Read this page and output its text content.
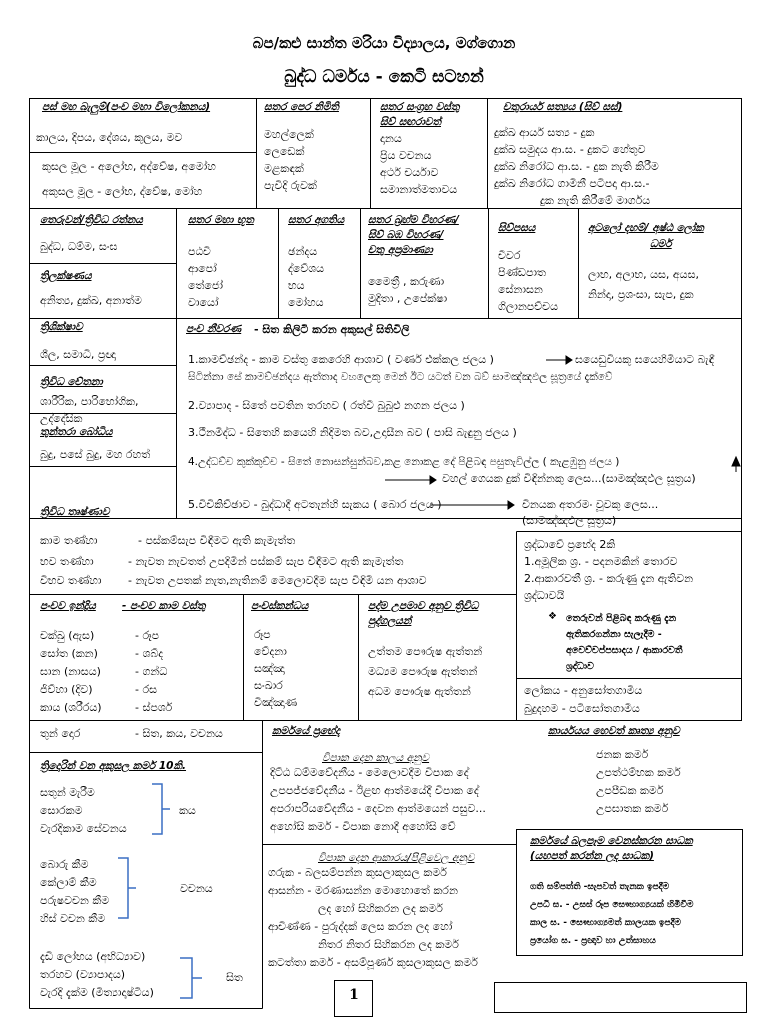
බප/කළු සාන්ත මරියා විද්‍යාලය, මග්ගොන
බුද්ධ ධර්මය - කෙටි සටහන්
පස් මහ බැලුම්(පංච මහා විලෝකනය)
කාලය, දිපය, දේශය, කුලය, මව
කුසල මූල - අලෝභ, අද්වේෂ, අමෝහ
අකුසල මූල - ලෝභ, ද්වේෂ, මෝහ
සතර පෙර නිමිති
මහල්ලෙක්
ලෙඩෙක්
මළකඳක්
පැවිදි රුවක්
සතර සංග්‍රහ වස්තු
සිව් සඟරාවත්
දානය
ප්‍රිය වචනය
අර්ථ චර්යාව
සමානාත්මතාවය
චතුරාර්ය සත්‍යය (සිව් සස්)
දුක්ඛ ආර්ය සත්‍ය - දුක
දුක්ඛ සමුදය ආ.ස. - දුකට හේතුව
දුක්ඛ නිරෝධ ආ.ස. - දුක නැති කිරීම
දුක්ඛ නිරෝධ ගාමිනී පටිපදා ආ.ස.-
දුක නැති කිරීමේ මාර්ගය
තෙරුවන්/ත්‍රිවිධ රත්නය
බුද්ධ, ධම්ම, සංඝ
ත්‍රිලක්ෂණය
අනිත්‍ය, දුක්ඛ, අනාත්ම
සතර මහා භූත
පඨවි
ආපෝ
තේජෝ
වායෝ
සතර අගතිය
ඡන්දය
ද්වේශය
භය
මෝහය
සතර බ්‍රහ්ම විහරණ/
සිව් බඹ විහරණ/
චතු අප්‍රමාණ්‍යා
මෛත්‍රී , කරුණා
මුදිතා , උපේක්ෂා
සිව්පසය
චීවර
පිණ්ඩපාත
සේනාසන
ගිලානපච්චය
අටලෝ දහම්/ අෂ්ඨ ලෝක
ධර්ම
ලාභ, අලාභ, යස, අයස,
නින්දා, ප්‍රශංසා, සැප, දුක
ත්‍රිශික්ෂාව
ශීල, සමාධි, ප්‍රඥා
ත්‍රිවිධ චේතනා
ශාරීරික, පාරිභෝගික,
උද්දේසික
තුන්තරා බෝධිය
බුදු, පසේ බුදු, මහ රහත්
ත්‍රිවිධ තෘෂ්ණාව
පංච නීවරණ - සිත කිලිටි කරන අකුසල් සිතිවිලි
1.කාමච්ඡන්ද - කාම වස්තු කෙරෙහි ආශාව ( වර්ණ එක්කල ජලය )	ඝයෙඩුවියකු ඝයෙහිමියාට බැඳී
සිටින්නා සේ කාමච්ඡන්දය ඇත්තාද වහලෙකු මෙන් ඊට යටත් වන බව් සාමඤ්ඤඵල සූත්‍රයේ දැක්වේ
2.ව්‍යාපාද - සිතේ පවතින තරහව ( රත්වී බුබුළු නගන ජලය )
3.ථීනමිද්ධ - සිතෙහි කයෙහි නිදිමත බව,උදාසීන බව ( පාසි බැඳුනු ජලය )
4.උද්ධච්ච කුක්කුච්ච - සිතේ නොසන්සුන්බව,කළ නොකළ දේ පිළිබඳ පසුතැවිල්ල ( කැළඹුනු ජලය )
වහල් ගෙයක දුක් විඳින්නකු ලෙස...(සාමඤ්ඤඵල සූත්‍රය)
5.විචිකිච්ඡාව - බුද්ධාදී අටතැන්හි සැකය ( බොර ජලය )	විනයක අතරමං වූවකු ලෙස...
(සාමඤ්ඤඵල සූත්‍රය)
කාම තණ්හා	- පස්කම්සැප විඳීමට ඇති කැමැත්ත
භව තණ්හා	- නැවත නැවතත් උපදිමින් පස්කම් සැප විඳීමට ඇති කැමැත්ත
විභව තණ්හා - නැවත උපතක් නැත,නැතිනම් මෙලොවදීම සැප විඳිමී යන ආශාව
ශ්‍රද්ධාවේ ප්‍රභේද 2කි
1.අමූලික ශ්‍ර. - පදනමකින් තොරව
2.ආකාරවතී ශ්‍ර. - කරුණු දැන ඇතිවන
ශ්‍රද්ධාවයි
❖ තෙරුවන් පිළිබඳ කරුණු දැන
ඇතිකරගන්නා සැලැදීම -
අවෙච්චප්පසාදය / ආකාරවතී
ශ්‍රද්ධාව
පංචව ඉන්ද්‍රිය - පංචව කාම වස්තු
චක්ඛු (ඇස)	- රූප
සෝත (කන)	- ශබ්ද
ඝාන (නාසය)	- ගන්ධ
ජිව්හා (දිව)	- රස
කාය (ශරීරය)	- ස්පර්ශ
පංචස්කන්ධය
රූප
වේදනා
සඤ්ඤා
සංඛාර
විඤ්ඤාණ
පද්ම උපමාව අනුව ත්‍රිවිධ
පුද්ගලයන්
උත්තම පෞරුෂ ඇත්තන්
මධ්‍යම පෞරුෂ ඇත්තන්
අධම පෞරුෂ ඇත්තන්	ලෝකය - අනුසෝතගාමීය
බුදුදහම - පටිසෝතගාමීය
තුන් දොර	- සිත, කය, වචනය
ත්‍රිදොරින් වන අකුසල කර්ම 10කි.
සතුන් මැරීම
සොරකම
වැරදිකාම සේවනය
කය
බොරු කීම
කේලාම් කීම
පරුෂවචන කීම
හිස් වචන කීම
වචනය
දැඩි ලෝභය (අභිධ්‍යාව)
තරහව (ව්‍යාපාදය)
වැරදි දැක්ම (මිත්‍යාදෘෂ්ටිය)
සිත
කර්මයේ ප්‍රභේද
විපාක දෙන කාලය අනුව
දිට්ඨ ධම්මවේදනීය - මෙලොවදීම විපාක දේ
උපපජ්ජවේදනීය - ඊළඟ ආත්මයේදී විපාක දේ
අපරාපරියවේදනීය - දෙවන ආත්මයෙන් පසුව...
අහෝසි කර්ම - විපාක නොදී අහෝසි වේ
විපාක දෙන ආකාරය/පිළිවෙල අනුව
ගරුක - බලසම්පන්න කුසලාකුසල කර්ම
ආසන්න - මරණාසන්න මොහොතේ කරන
ලද හෝ සිහිකරන ලද කර්ම
ආචිණ්ණ - පුරුද්දක් ලෙස කරන ලද හෝ
නිතර නිතර සිහිකරන ලද කර්ම
කටත්තා කර්ම - අසම්පූර්ණ කුසලාකුසල කර්ම
කාර්යයය හෙවත් කෘත්‍ය අනුව
ජනක කර්ම
උපත්ථම්භක කර්ම
උපපීඩක කර්ම
උපඝාතක කර්ම
කර්මයේ බලපෑම වෙනස්කරන සාධක
(යහපත් කරන්න ලද සාධක)
ගති සම්පත්ති -සැපවත් තැනක ඉපදීම
උපධි ස. - උසස් රූප සෞභාග්‍යයක් හිමිවීම
කාල ස. - සෞභාග්‍යමත් කාලයක ඉපදීම
ප්‍රයෝග ස. - ප්‍රඥාව හා උත්සාහය
1
